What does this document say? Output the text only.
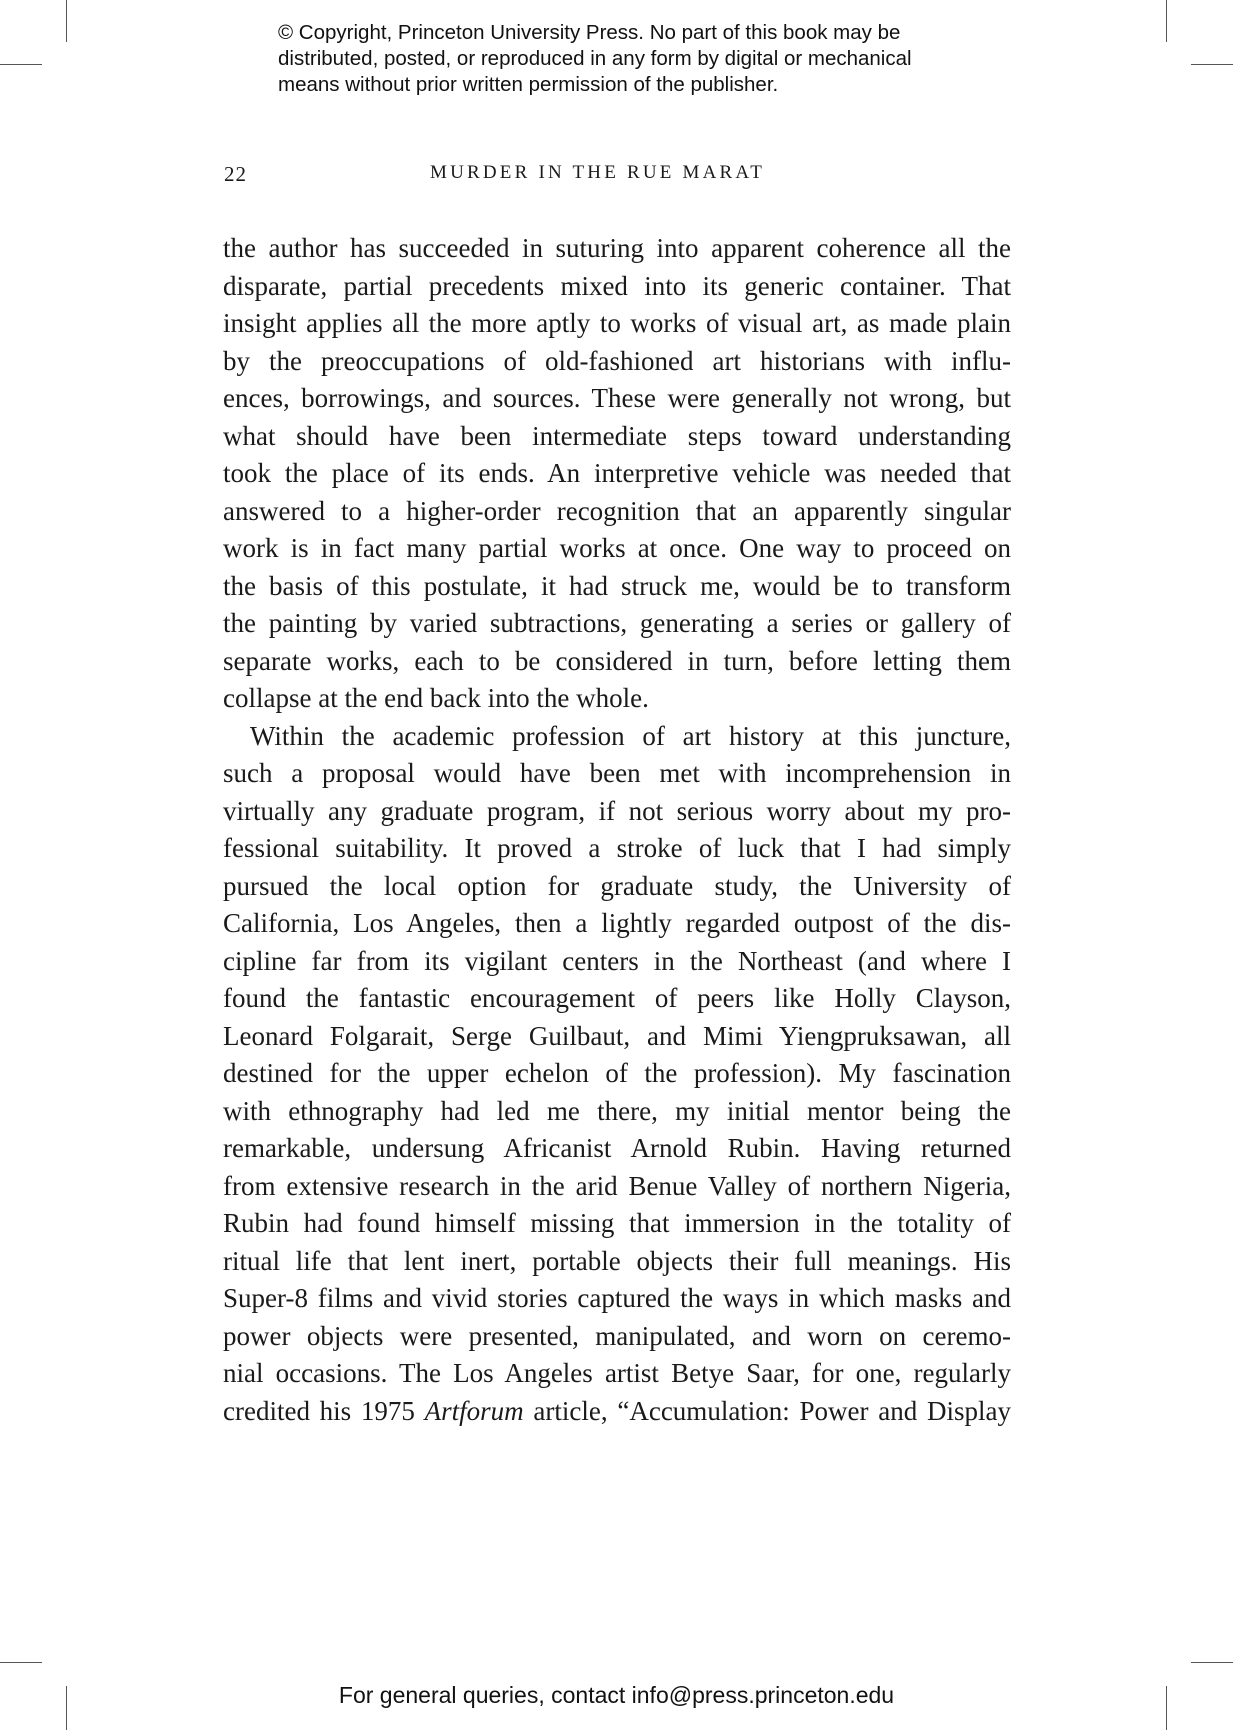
© Copyright, Princeton University Press. No part of this book may be
distributed, posted, or reproduced in any form by digital or mechanical
means without prior written permission of the publisher.
22	MURDER IN THE RUE MARAT
the author has succeeded in suturing into apparent coherence all the
disparate, partial precedents mixed into its generic container. That
insight applies all the more aptly to works of visual art, as made plain
by the preoccupations of old-fashioned art historians with influ-
ences, borrowings, and sources. These were generally not wrong, but
what should have been intermediate steps toward understanding
took the place of its ends. An interpretive vehicle was needed that
answered to a higher-order recognition that an apparently singular
work is in fact many partial works at once. One way to proceed on
the basis of this postulate, it had struck me, would be to transform
the painting by varied subtractions, generating a series or gallery of
separate works, each to be considered in turn, before letting them
collapse at the end back into the whole.
Within the academic profession of art history at this juncture,
such a proposal would have been met with incomprehension in
virtually any graduate program, if not serious worry about my pro-
fessional suitability. It proved a stroke of luck that I had simply
pursued the local option for graduate study, the University of
California, Los Angeles, then a lightly regarded outpost of the dis-
cipline far from its vigilant centers in the Northeast (and where I
found the fantastic encouragement of peers like Holly Clayson,
Leonard Folgarait, Serge Guilbaut, and Mimi Yiengpruksawan, all
destined for the upper echelon of the profession). My fascination
with ethnography had led me there, my initial mentor being the
remarkable, undersung Africanist Arnold Rubin. Having returned
from extensive research in the arid Benue Valley of northern Nigeria,
Rubin had found himself missing that immersion in the totality of
ritual life that lent inert, portable objects their full meanings. His
Super-8 films and vivid stories captured the ways in which masks and
power objects were presented, manipulated, and worn on ceremo-
nial occasions. The Los Angeles artist Betye Saar, for one, regularly
credited his 1975 Artforum article, “Accumulation: Power and Display
For general queries, contact info@press.princeton.edu
